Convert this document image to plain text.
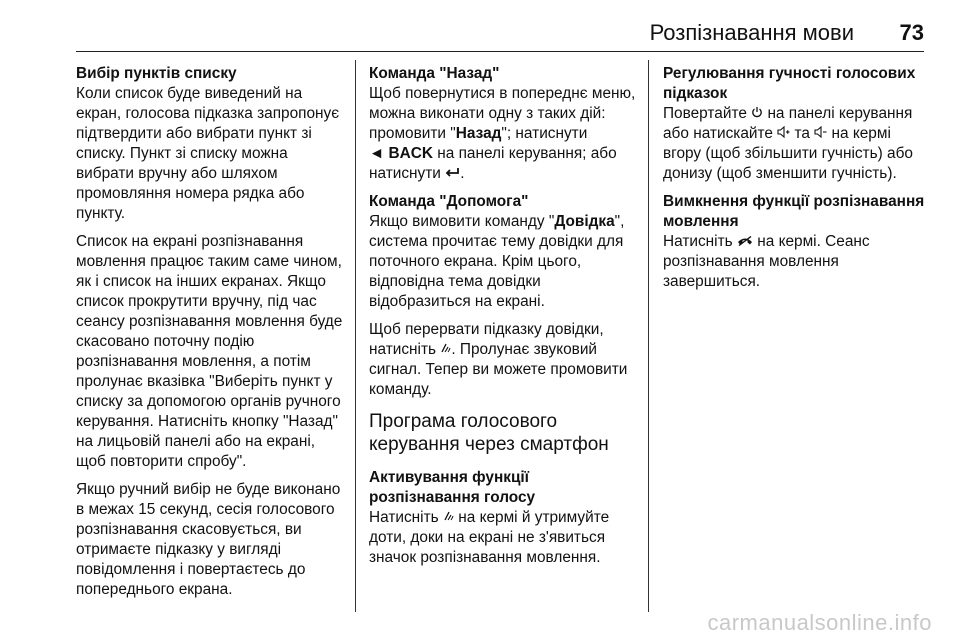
Розпізнавання мови 73
Вибір пунктів списку

Коли список буде виведений на екран, голосова підказка запропонує підтвердити або вибрати пункт зі списку. Пункт зі списку можна вибрати вручну або шляхом промовляння номера рядка або пункту.

Список на екрані розпізнавання мовлення працює таким саме чином, як і список на інших екранах. Якщо список прокрутити вручну, під час сеансу розпізнавання мовлення буде скасовано поточну подію розпізнавання мовлення, а потім пролунає вказівка "Виберіть пункт у списку за допомогою органів ручного керування. Натисніть кнопку "Назад" на лицьовій панелі або на екрані, щоб повторити спробу".

Якщо ручний вибір не буде виконано в межах 15 секунд, сесія голосового розпізнавання скасовується, ви отримаєте підказку у вигляді повідомлення і повертаєтесь до попереднього екрана.

Команда "Назад"

Щоб повернутися в попереднє меню, можна виконати одну з таких дій: промовити "Назад"; натиснути
◄ BACK на панелі керування; або натиснути .

Команда "Допомога"

Якщо вимовити команду "Довідка", система прочитає тему довідки для поточного екрана. Крім цього, відповідна тема довідки відобразиться на екрані.

Щоб перервати підказку довідки, натисніть . Пролунає звуковий сигнал. Тепер ви можете промовити команду.

Програма голосового керування через смартфон
Активування функції розпізнавання голосу

Натисніть на кермі й утримуйте доти, доки на екрані не з'явиться значок розпізнавання мовлення.

Регулювання гучності голосових підказок

Повертайте на панелі керування або натискайте та на кермі вгору (щоб збільшити гучність) або донизу (щоб зменшити гучність).

Вимкнення функції розпізнавання мовлення

Натисніть на кермі. Сеанс розпізнавання мовлення завершиться.

carmanualsonline.info
